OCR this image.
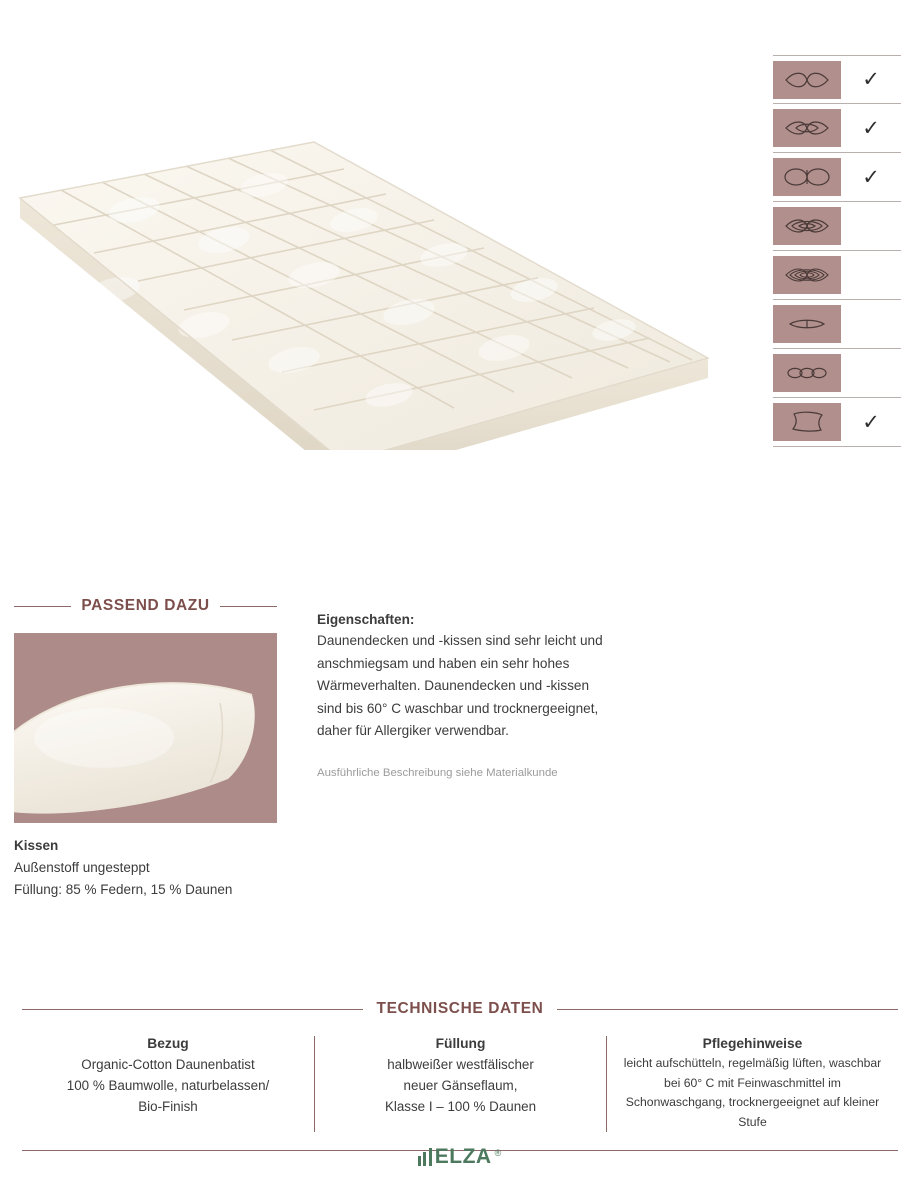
✓
✓
✓
✓
PASSEND DAZU
Kissen
Außenstoff ungesteppt
Füllung: 85 % Federn, 15 % Daunen
Eigenschaften:
Daunendecken und -kissen sind sehr leicht und anschmiegsam und haben ein sehr hohes Wärmeverhalten. Daunendecken und -kissen sind bis 60° C waschbar und trocknergeeignet, daher für Allergiker verwendbar.
Ausführliche Beschreibung siehe Materialkunde
TECHNISCHE DATEN
Bezug

Organic-Cotton Daunenbatist
100 % Baumwolle, naturbelassen/
Bio-Finish

Füllung

halbweißer westfälischer
neuer Gänseflaum,
Klasse I – 100 % Daunen

Pflegehinweise

leicht aufschütteln, regelmäßig lüften, waschbar bei 60° C mit Feinwaschmittel im Schonwaschgang, trocknergeeignet auf kleiner Stufe

ELZA ®
